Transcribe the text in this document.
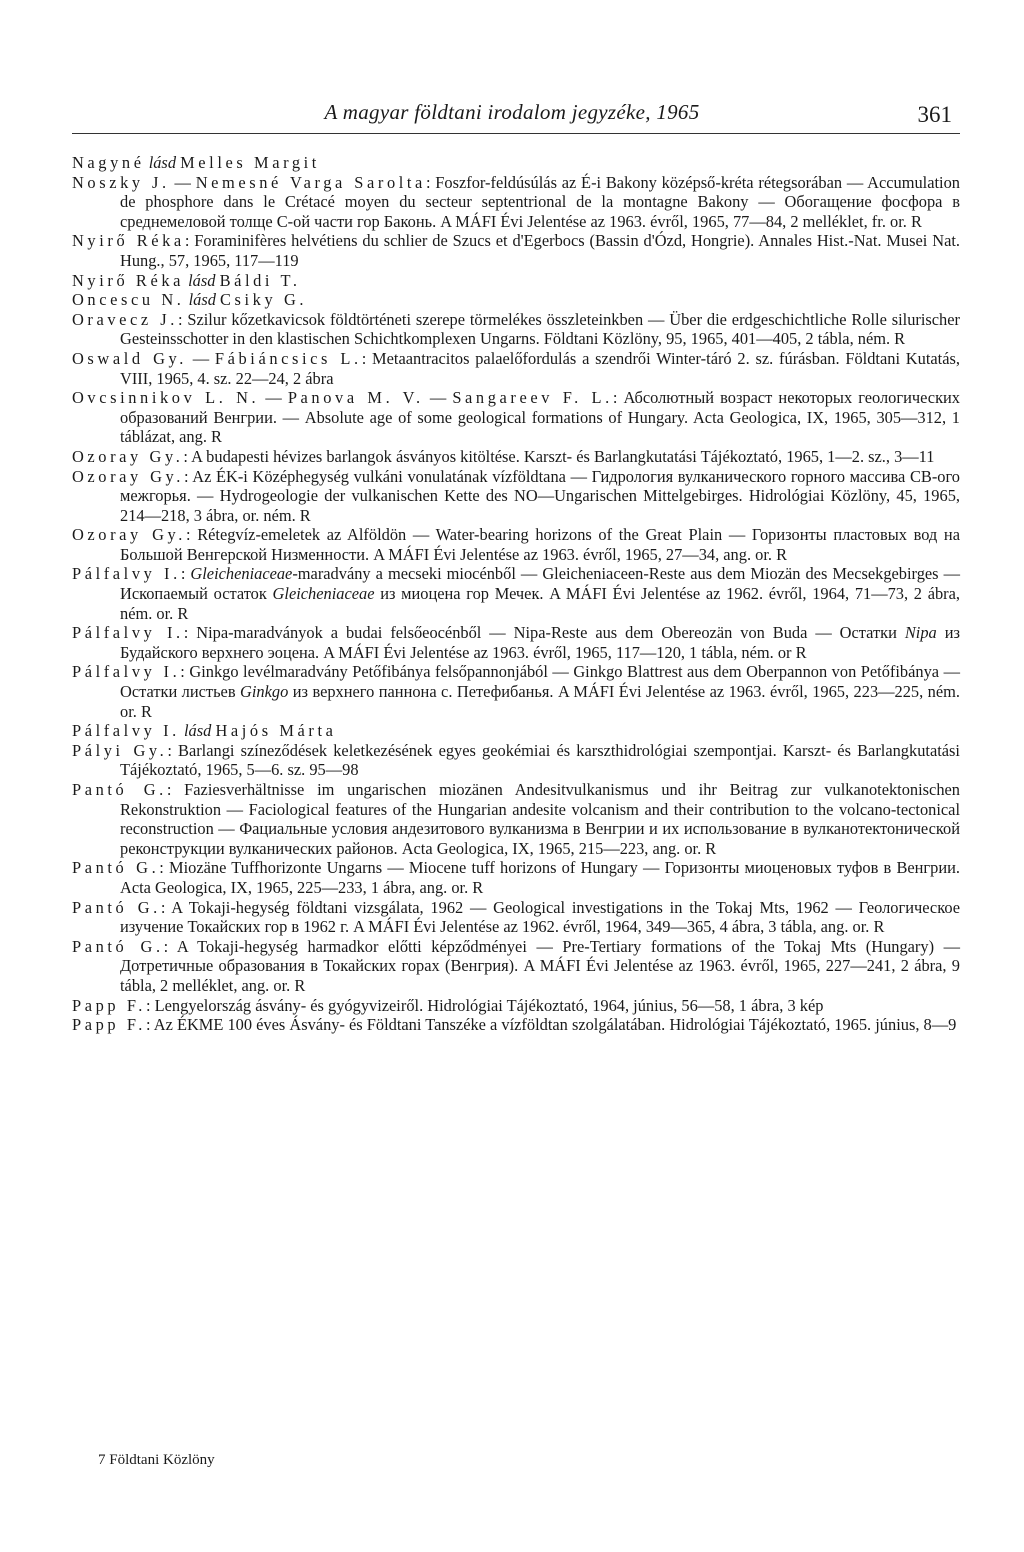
A magyar földtani irodalom jegyzéke, 1965	361

Nagyné lásd Melles Margit

Noszky J. — Nemesné Varga Sarolta: Foszfor-feldúsúlás az É-i Bakony középső-kréta rétegsorában — Accumulation de phosphore dans le Crétacé moyen du secteur septentrional de la montagne Bakony — Обогащение фосфора в среднемеловой толще С-ой части гор Баконь. A MÁFI Évi Jelentése az 1963. évről, 1965, 77—84, 2 melléklet, fr. or. R

Nyirő Réka: Foraminifères helvétiens du schlier de Szucs et d'Egerbocs (Bassin d'Ózd, Hongrie). Annales Hist.-Nat. Musei Nat. Hung., 57, 1965, 117—119

Nyirő Réka lásd Báldi T.

Oncescu N. lásd Csiky G.

Oravecz J.: Szilur kőzetkavicsok földtörténeti szerepe törmelékes összleteinkben — Über die erdgeschichtliche Rolle silurischer Gesteinsschotter in den klastischen Schichtkomplexen Ungarns. Földtani Közlöny, 95, 1965, 401—405, 2 tábla, ném. R

Oswald Gy. — Fábiáncsics L.: Metaantracitos palaelőfordulás a szendrői Winter-táró 2. sz. fúrásban. Földtani Kutatás, VIII, 1965, 4. sz. 22—24, 2 ábra

Ovcsinnikov L. N. — Panova M. V. — Sangareev F. L.: Абсолютный возраст некоторых геологических образований Венгрии. — Absolute age of some geological formations of Hungary. Acta Geologica, IX, 1965, 305—312, 1 táblázat, ang. R

Ozoray Gy.: A budapesti hévizes barlangok ásványos kitöltése. Karszt- és Barlangkutatási Tájékoztató, 1965, 1—2. sz., 3—11

Ozoray Gy.: Az ÉK-i Középhegység vulkáni vonulatának vízföldtana — Гидрология вулканического горного массива СВ-ого межгорья. — Hydrogeologie der vulkanischen Kette des NO—Ungarischen Mittelgebirges. Hidrológiai Közlöny, 45, 1965, 214—218, 3 ábra, or. ném. R

Ozoray Gy.: Rétegvíz-emeletek az Alföldön — Water-bearing horizons of the Great Plain — Горизонты пластовых вод на Большой Венгерской Низменности. A MÁFI Évi Jelentése az 1963. évről, 1965, 27—34, ang. or. R

Pálfalvy I.: Gleicheniaceae-maradvány a mecseki miocénből — Gleicheniaceen-Reste aus dem Miozän des Mecsekgebirges — Ископаемый остаток Gleicheniaceae из миоцена гор Мечек. A MÁFI Évi Jelentése az 1962. évről, 1964, 71—73, 2 ábra, ném. or. R

Pálfalvy I.: Nipa-maradványok a budai felsőeocénből — Nipa-Reste aus dem Obereozän von Buda — Остатки Nipa из Будайского верхнего эоцена. A MÁFI Évi Jelentése az 1963. évről, 1965, 117—120, 1 tábla, ném. or R

Pálfalvy I.: Ginkgo levélmaradvány Petőfibánya felsőpannonjából — Ginkgo Blattrest aus dem Oberpannon von Petőfibánya — Остатки листьев Ginkgo из верхнего паннона с. Петефибанья. A MÁFI Évi Jelentése az 1963. évről, 1965, 223—225, ném. or. R

Pálfalvy I. lásd Hajós Márta

Pályi Gy.: Barlangi színeződések keletkezésének egyes geokémiai és karszthidrológiai szempontjai. Karszt- és Barlangkutatási Tájékoztató, 1965, 5—6. sz. 95—98

Pantó G.: Faziesverhältnisse im ungarischen miozänen Andesitvulkanismus und ihr Beitrag zur vulkanotektonischen Rekonstruktion — Faciological features of the Hungarian andesite volcanism and their contribution to the volcano-tectonical reconstruction — Фациальные условия андезитового вулканизма в Венгрии и их использование в вулканотектонической реконструкции вулканических районов. Acta Geologica, IX, 1965, 215—223, ang. or. R

Pantó G.: Miozäne Tuffhorizonte Ungarns — Miocene tuff horizons of Hungary — Горизонты миоценовых туфов в Венгрии. Acta Geologica, IX, 1965, 225—233, 1 ábra, ang. or. R

Pantó G.: A Tokaji-hegység földtani vizsgálata, 1962 — Geological investigations in the Tokaj Mts, 1962 — Геологическое изучение Токайских гор в 1962 г. A MÁFI Évi Jelentése az 1962. évről, 1964, 349—365, 4 ábra, 3 tábla, ang. or. R

Pantó G.: A Tokaji-hegység harmadkor előtti képződményei — Pre-Tertiary formations of the Tokaj Mts (Hungary) — Дотретичные образования в Токайских горах (Венгрия). A MÁFI Évi Jelentése az 1963. évről, 1965, 227—241, 2 ábra, 9 tábla, 2 melléklet, ang. or. R

Papp F.: Lengyelország ásvány- és gyógyvizeiről. Hidrológiai Tájékoztató, 1964, június, 56—58, 1 ábra, 3 kép

Papp F.: Az ÉKME 100 éves Ásvány- és Földtani Tanszéke a vízföldtan szolgálatában. Hidrológiai Tájékoztató, 1965. június, 8—9

7 Földtani Közlöny
